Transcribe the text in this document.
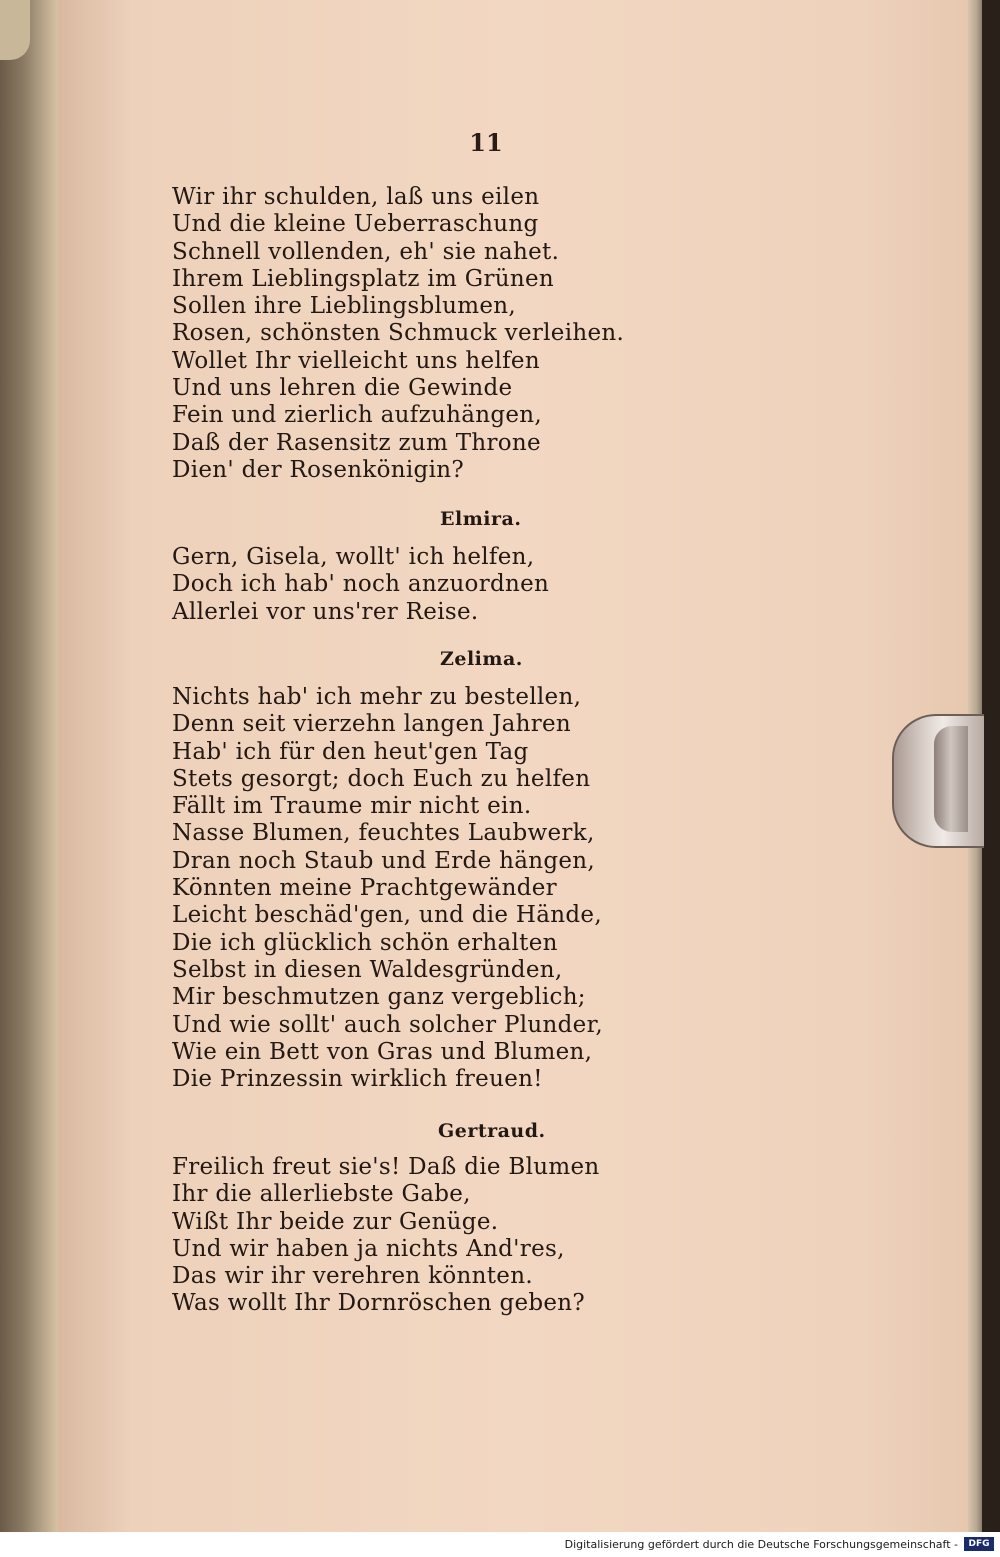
11
Wir ihr schulden, laß uns eilen
Und die kleine Ueberraschung
Schnell vollenden, eh' sie nahet.
Ihrem Lieblingsplatz im Grünen
Sollen ihre Lieblingsblumen,
Rosen, schönsten Schmuck verleihen.
Wollet Ihr vielleicht uns helfen
Und uns lehren die Gewinde
Fein und zierlich aufzuhängen,
Daß der Rasensitz zum Throne
Dien' der Rosenkönigin?
Elmira.
Gern, Gisela, wollt' ich helfen,
Doch ich hab' noch anzuordnen
Allerlei vor uns'rer Reise.
Zelima.
Nichts hab' ich mehr zu bestellen,
Denn seit vierzehn langen Jahren
Hab' ich für den heut'gen Tag
Stets gesorgt; doch Euch zu helfen
Fällt im Traume mir nicht ein.
Nasse Blumen, feuchtes Laubwerk,
Dran noch Staub und Erde hängen,
Könnten meine Prachtgewänder
Leicht beschäd'gen, und die Hände,
Die ich glücklich schön erhalten
Selbst in diesen Waldesgründen,
Mir beschmutzen ganz vergeblich;
Und wie sollt' auch solcher Plunder,
Wie ein Bett von Gras und Blumen,
Die Prinzessin wirklich freuen!
Gertraud.
Freilich freut sie's! Daß die Blumen
Ihr die allerliebste Gabe,
Wißt Ihr beide zur Genüge.
Und wir haben ja nichts And'res,
Das wir ihr verehren könnten.
Was wollt Ihr Dornröschen geben?
Digitalisierung gefördert durch die Deutsche Forschungsgemeinschaft -	DFG
